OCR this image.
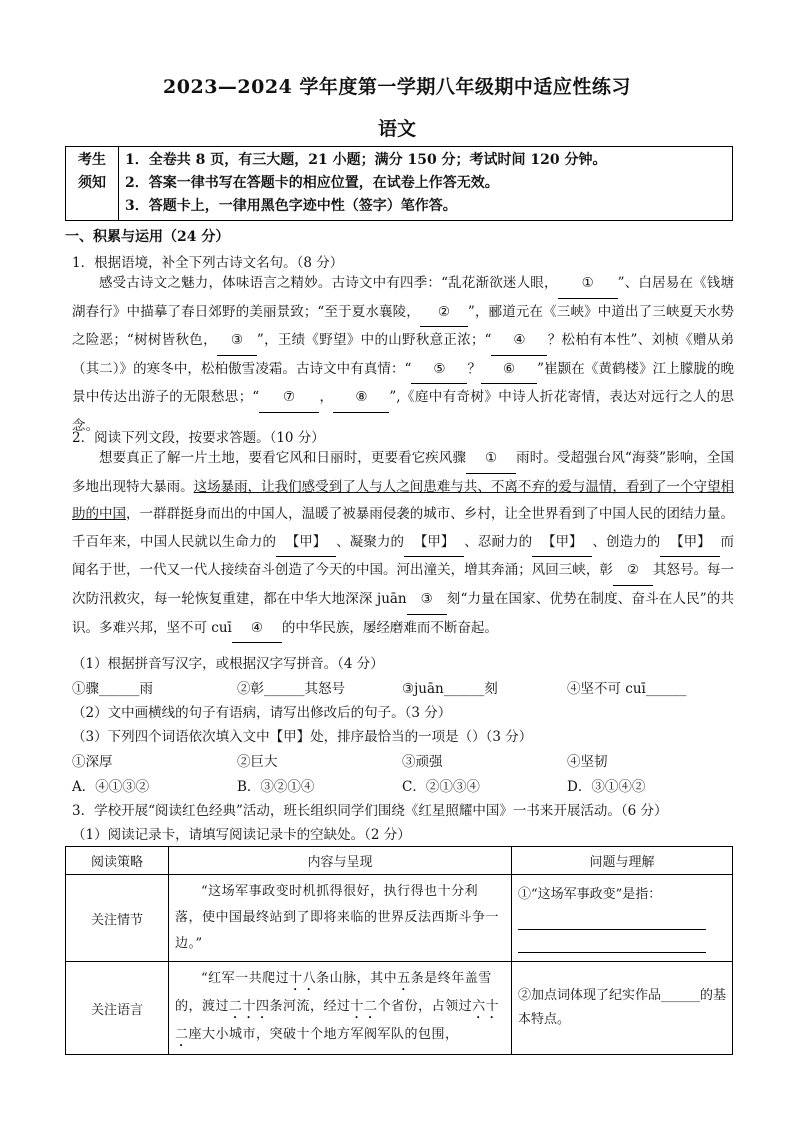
2023—2024 学年度第一学期八年级期中适应性练习
语文
考生
须知

1．全卷共 8 页，有三大题，21 小题；满分 150 分；考试时间 120 分钟。
2．答案一律书写在答题卡的相应位置，在试卷上作答无效。
3．答题卡上，一律用黑色字迹中性（签字）笔作答。
一、积累与运用（24 分）
1．根据语境，补全下列古诗文名句。（8 分）
感受古诗文之魅力，体味语言之精妙。古诗文中有四季：“乱花渐欲迷人眼， ① ”、白居易在《钱塘湖春行》中描摹了春日郊野的美丽景致；“至于夏水襄陵， ② ”，郦道元在《三峡》中道出了三峡夏天水势之险恶；“树树皆秋色， ③ ”，王绩《野望》中的山野秋意正浓；“ ④ ？松柏有本性”、刘桢《赠从弟（其二）》的寒冬中，松柏傲雪凌霜。古诗文中有真情：“ ⑤ ？ ⑥ ”崔颢在《黄鹤楼》江上朦胧的晚景中传达出游子的无限愁思；“ ⑦ ， ⑧ ”,《庭中有奇树》中诗人折花寄情，表达对远行之人的思念。
2．阅读下列文段，按要求答题。（10 分）
想要真正了解一片土地，要看它风和日丽时，更要看它疾风骤 ① 雨时。受超强台风“海葵”影响，全国多地出现特大暴雨。这场暴雨，让我们感受到了人与人之间患难与共、不离不弃的爱与温情，看到了一个守望相助的中国，一群群挺身而出的中国人，温暖了被暴雨侵袭的城市、乡村，让全世界看到了中国人民的团结力量。千百年来，中国人民就以生命力的 【甲】 、凝聚力的 【甲】 、忍耐力的 【甲】 、创造力的 【甲】 而闻名于世，一代又一代人接续奋斗创造了今天的中国。河出潼关，增其奔涌；风回三峡，彰 ② 其怒号。每一次防汛救灾，每一轮恢复重建，都在中华大地深深 juān ③ 刻“力量在国家、优势在制度、奋斗在人民”的共识。多难兴邦，坚不可 cuī ④ 的中华民族，屡经磨难而不断奋起。
（1）根据拼音写汉字，或根据汉字写拼音。（4 分）
①骤______雨	②彰______其怒号	③juān______刻	④坚不可 cuī______
（2）文中画横线的句子有语病，请写出修改后的句子。（3 分）
（3）下列四个词语依次填入文中【甲】处，排序最恰当的一项是（）（3 分）
①深厚	②巨大	③顽强	④坚韧
A．④①③②	B．③②①④	C．②①③④	D．③①④②
3．学校开展“阅读红色经典”活动，班长组织同学们围绕《红星照耀中国》一书来开展活动。（6 分）
（1）阅读记录卡，请填写阅读记录卡的空缺处。（2 分）
阅读策略	内容与呈现	问题与理解
关注情节	“这场军事政变时机抓得很好，执行得也十分利落，使中国最终站到了即将来临的世界反法西斯斗争一边。”	①“这场军事政变”是指：

关注语言	“红军一共爬过十八条山脉，其中五条是终年盖雪的，渡过二十四条河流，经过十二个省份，占领过六十二座大小城市，突破十个地方军阀军队的包围，	②加点词体现了纪实作品______的基本特点。
